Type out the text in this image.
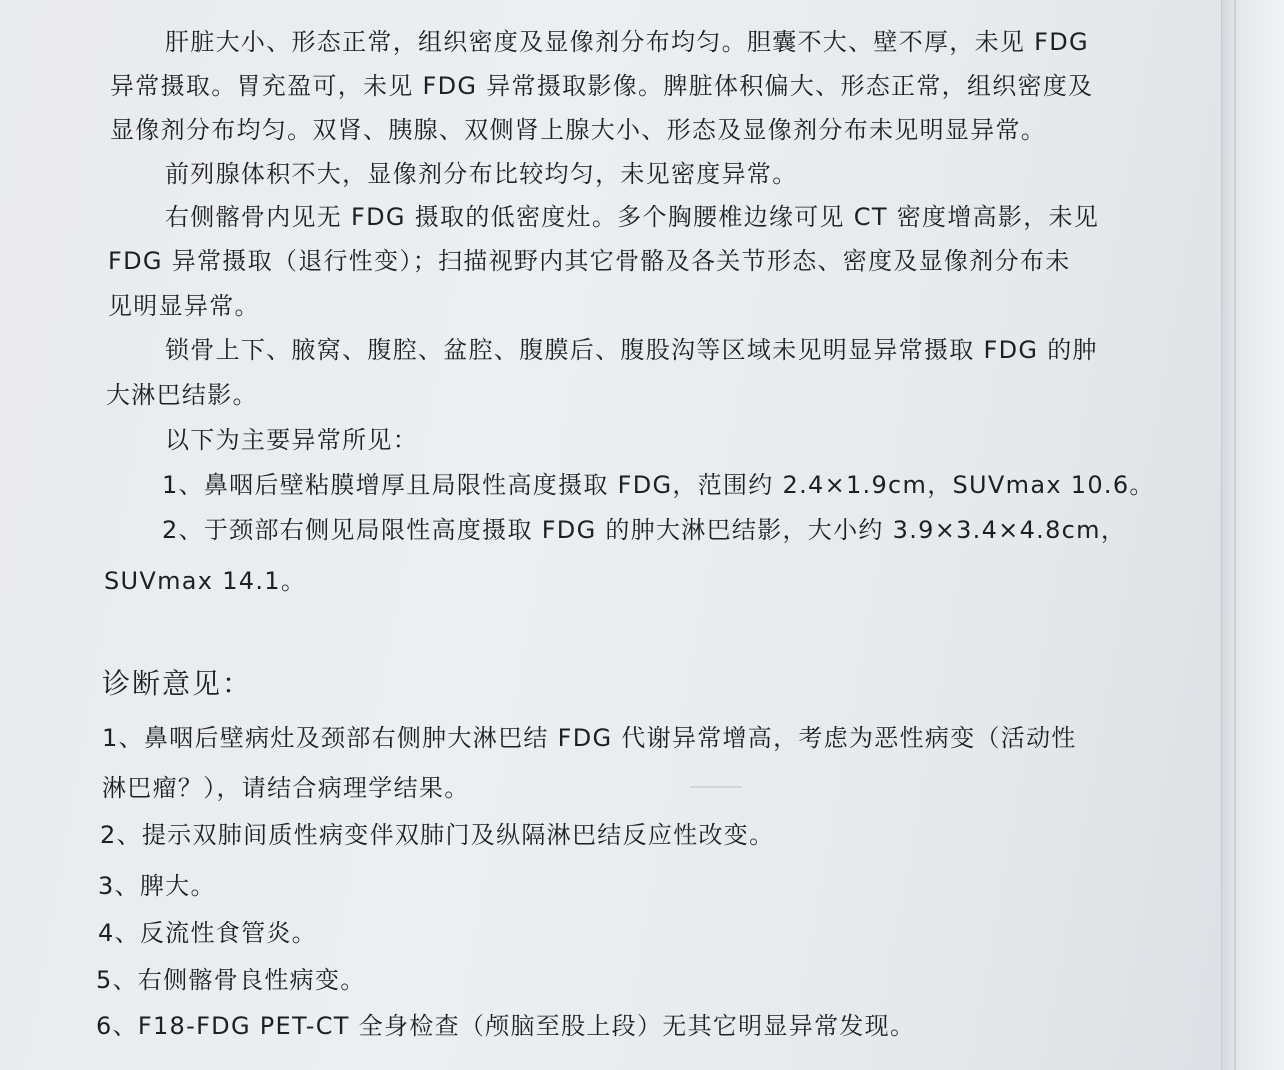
肝脏大小、形态正常，组织密度及显像剂分布均匀。胆囊不大、壁不厚，未见 FDG
异常摄取。胃充盈可，未见 FDG 异常摄取影像。脾脏体积偏大、形态正常，组织密度及
显像剂分布均匀。双肾、胰腺、双侧肾上腺大小、形态及显像剂分布未见明显异常。
前列腺体积不大，显像剂分布比较均匀，未见密度异常。
右侧髂骨内见无 FDG 摄取的低密度灶。多个胸腰椎边缘可见 CT 密度增高影，未见
FDG 异常摄取（退行性变）；扫描视野内其它骨骼及各关节形态、密度及显像剂分布未
见明显异常。
锁骨上下、腋窝、腹腔、盆腔、腹膜后、腹股沟等区域未见明显异常摄取 FDG 的肿
大淋巴结影。
以下为主要异常所见：
1、鼻咽后壁粘膜增厚且局限性高度摄取 FDG，范围约 2.4×1.9cm，SUVmax 10.6。
2、于颈部右侧见局限性高度摄取 FDG 的肿大淋巴结影，大小约 3.9×3.4×4.8cm，
SUVmax 14.1。
诊断意见：
1、鼻咽后壁病灶及颈部右侧肿大淋巴结 FDG 代谢异常增高，考虑为恶性病变（活动性
淋巴瘤？），请结合病理学结果。
2、提示双肺间质性病变伴双肺门及纵隔淋巴结反应性改变。
3、脾大。
4、反流性食管炎。
5、右侧髂骨良性病变。
6、F18-FDG PET-CT 全身检查（颅脑至股上段）无其它明显异常发现。
